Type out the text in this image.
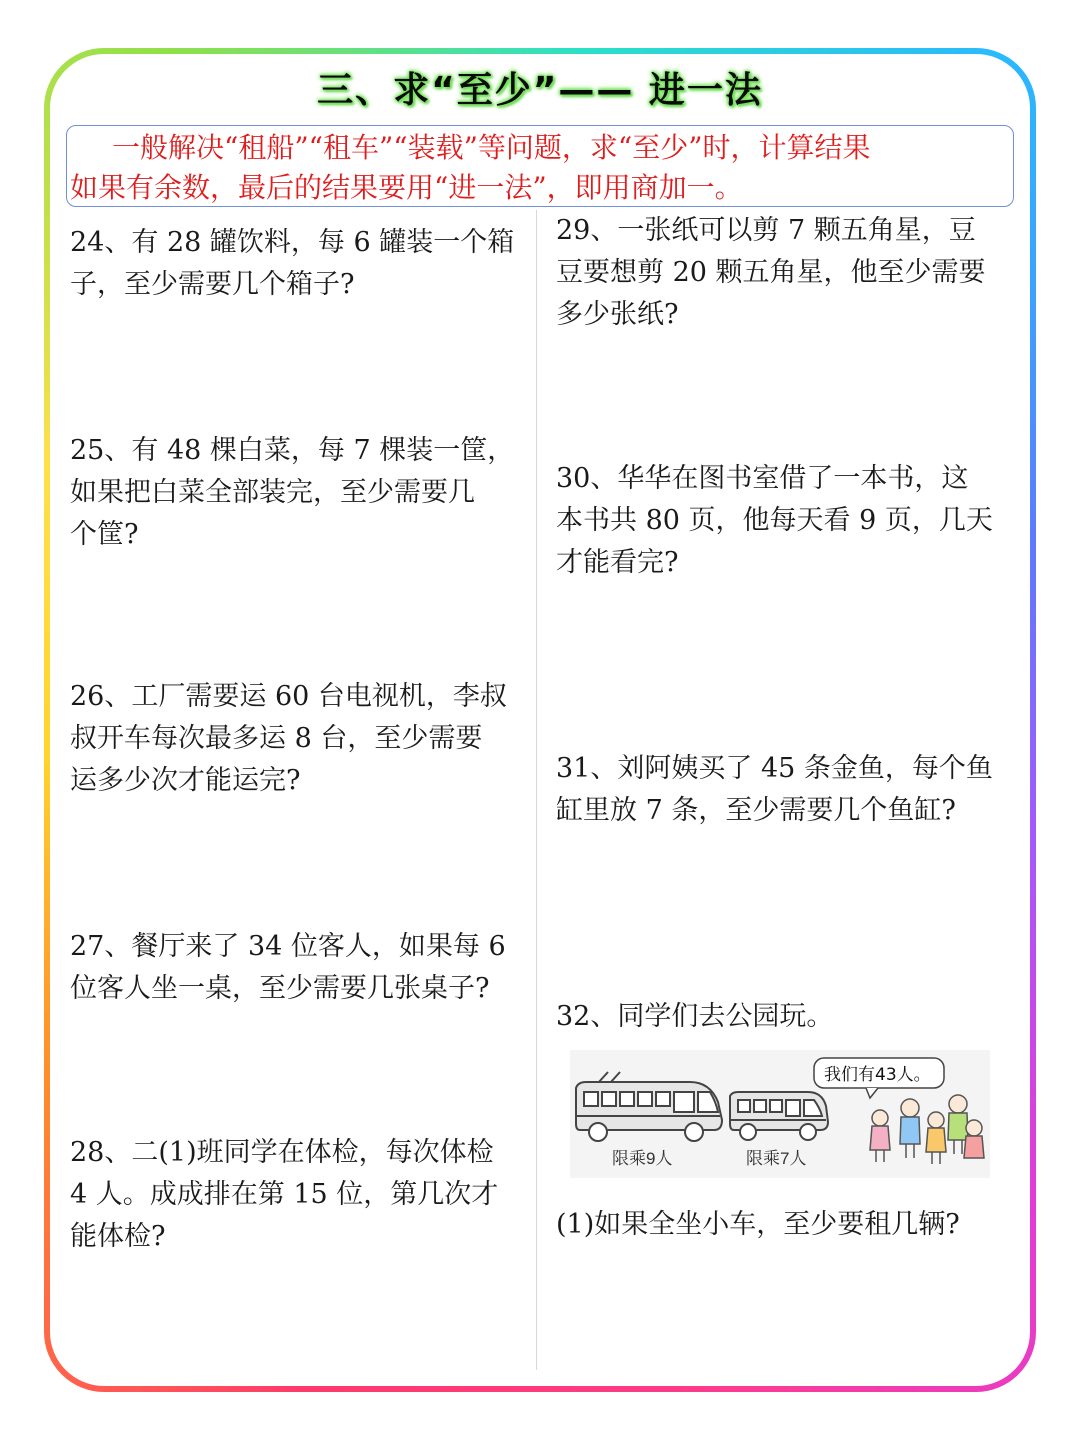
三、求“至少”—— 进一法
一般解决“租船”“租车”“装载”等问题，求“至少”时，计算结果
如果有余数，最后的结果要用“进一法”，即用商加一。
24、有 28 罐饮料，每 6 罐装一个箱
子，至少需要几个箱子?
25、有 48 棵白菜，每 7 棵装一筐，
如果把白菜全部装完，至少需要几
个筐?
26、工厂需要运 60 台电视机，李叔
叔开车每次最多运 8 台，至少需要
运多少次才能运完?
27、餐厅来了 34 位客人，如果每 6
位客人坐一桌，至少需要几张桌子?
28、二(1)班同学在体检，每次体检
4 人。成成排在第 15 位，第几次才
能体检?
29、一张纸可以剪 7 颗五角星，豆
豆要想剪 20 颗五角星，他至少需要
多少张纸?
30、华华在图书室借了一本书，这
本书共 80 页，他每天看 9 页，几天
才能看完?
31、刘阿姨买了 45 条金鱼，每个鱼
缸里放 7 条，至少需要几个鱼缸?
32、同学们去公园玩。
限乘9人	限乘7人
我们有43人。
(1)如果全坐小车，至少要租几辆?
